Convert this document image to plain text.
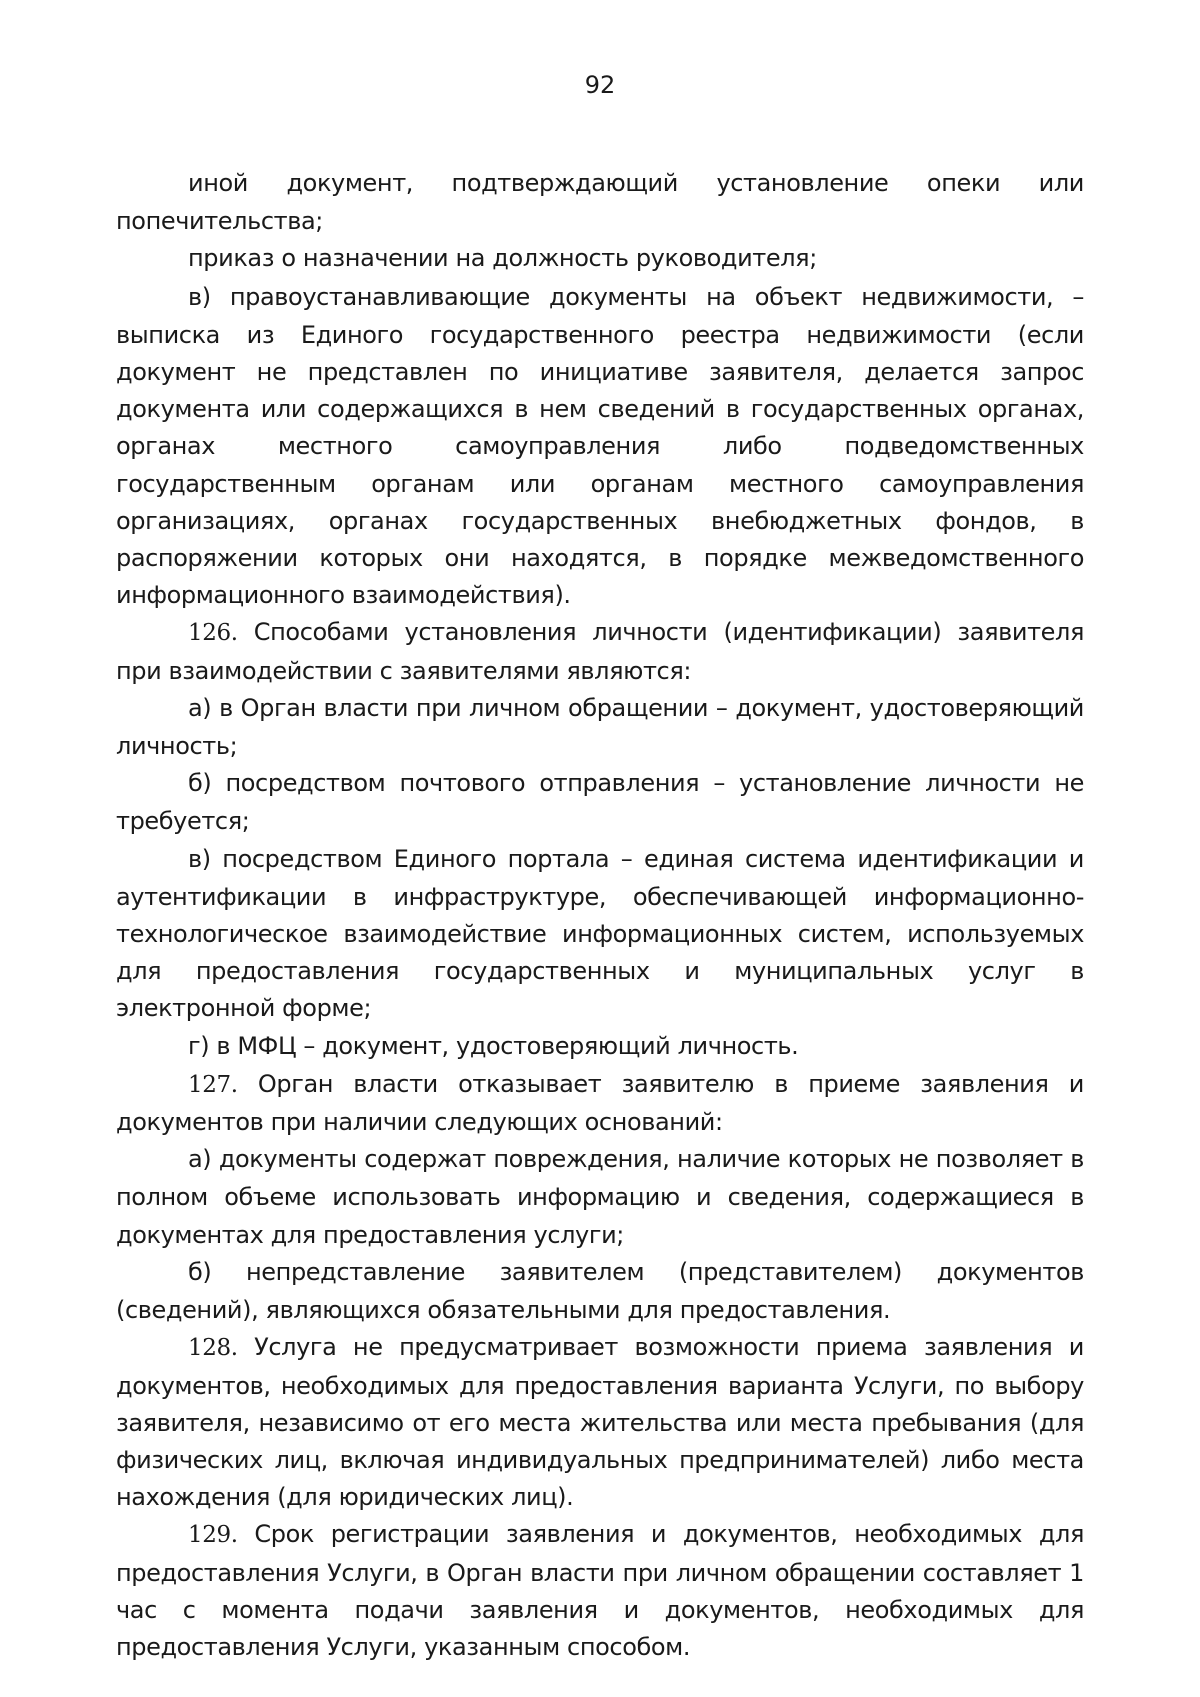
92

иной документ, подтверждающий установление опеки или попечительства;

приказ о назначении на должность руководителя;

в) правоустанавливающие документы на объект недвижимости, – выписка из Единого государственного реестра недвижимости (если документ не представлен по инициативе заявителя, делается запрос документа или содержащихся в нем сведений в государственных органах, органах местного самоуправления либо подведомственных государственным органам или органам местного самоуправления организациях, органах государственных внебюджетных фондов, в распоряжении которых они находятся, в порядке межведомственного информационного взаимодействия).

126. Способами установления личности (идентификации) заявителя при взаимодействии с заявителями являются:

а) в Орган власти при личном обращении – документ, удостоверяющий личность;

б) посредством почтового отправления – установление личности не требуется;

в) посредством Единого портала – единая система идентификации и аутентификации в инфраструктуре, обеспечивающей информационно-технологическое взаимодействие информационных систем, используемых для предоставления государственных и муниципальных услуг в электронной форме;

г) в МФЦ – документ, удостоверяющий личность.

127. Орган власти отказывает заявителю в приеме заявления и документов при наличии следующих оснований:

а) документы содержат повреждения, наличие которых не позволяет в полном объеме использовать информацию и сведения, содержащиеся в документах для предоставления услуги;

б) непредставление заявителем (представителем) документов (сведений), являющихся обязательными для предоставления.

128. Услуга не предусматривает возможности приема заявления и документов, необходимых для предоставления варианта Услуги, по выбору заявителя, независимо от его места жительства или места пребывания (для физических лиц, включая индивидуальных предпринимателей) либо места нахождения (для юридических лиц).

129. Срок регистрации заявления и документов, необходимых для предоставления Услуги, в Орган власти при личном обращении составляет 1 час с момента подачи заявления и документов, необходимых для предоставления Услуги, указанным способом.
